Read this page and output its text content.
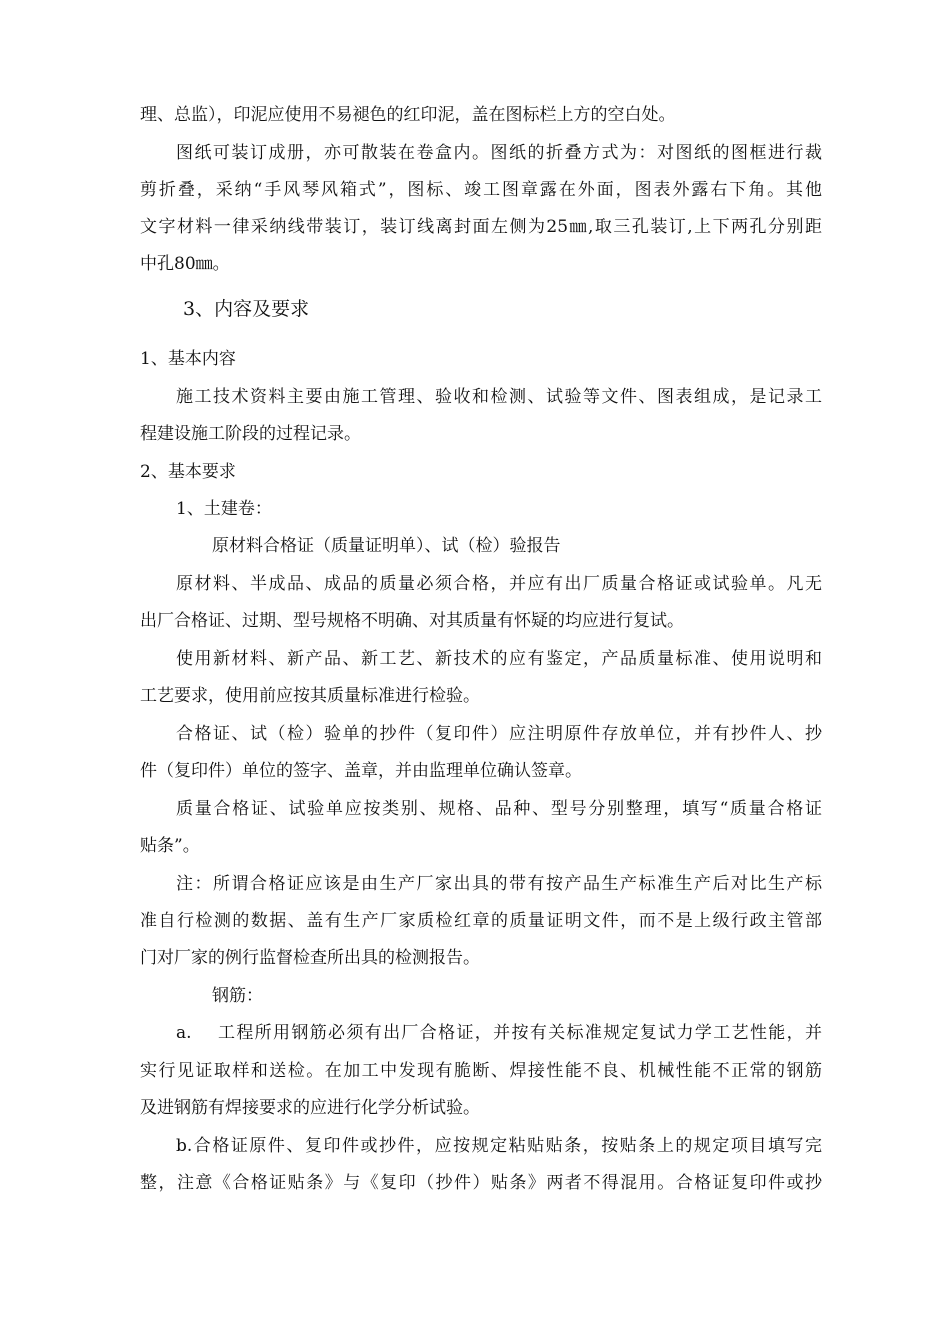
理、总监），印泥应使用不易褪色的红印泥，盖在图标栏上方的空白处。

图纸可装订成册，亦可散装在卷盒内。图纸的折叠方式为：对图纸的图框进行裁

剪折叠，采纳“手风琴风箱式”，图标、竣工图章露在外面，图表外露右下角。其他

文字材料一律采纳线带装订，装订线离封面左侧为25㎜,取三孔装订,上下两孔分别距

中孔80㎜。

3、内容及要求

1、基本内容

施工技术资料主要由施工管理、验收和检测、试验等文件、图表组成，是记录工

程建设施工阶段的过程记录。

2、基本要求

1、土建卷：

原材料合格证（质量证明单）、试（检）验报告

原材料、半成品、成品的质量必须合格，并应有出厂质量合格证或试验单。凡无

出厂合格证、过期、型号规格不明确、对其质量有怀疑的均应进行复试。

使用新材料、新产品、新工艺、新技术的应有鉴定，产品质量标准、使用说明和

工艺要求，使用前应按其质量标准进行检验。

合格证、试（检）验单的抄件（复印件）应注明原件存放单位，并有抄件人、抄

件（复印件）单位的签字、盖章，并由监理单位确认签章。

质量合格证、试验单应按类别、规格、品种、型号分别整理，填写“质量合格证

贴条”。

注：所谓合格证应该是由生产厂家出具的带有按产品生产标准生产后对比生产标

准自行检测的数据、盖有生产厂家质检红章的质量证明文件，而不是上级行政主管部

门对厂家的例行监督检查所出具的检测报告。

钢筋：

a.　 工程所用钢筋必须有出厂合格证，并按有关标准规定复试力学工艺性能，并

实行见证取样和送检。在加工中发现有脆断、焊接性能不良、机械性能不正常的钢筋

及进钢筋有焊接要求的应进行化学分析试验。

b.合格证原件、复印件或抄件，应按规定粘贴贴条，按贴条上的规定项目填写完

整，注意《合格证贴条》与《复印（抄件）贴条》两者不得混用。合格证复印件或抄
